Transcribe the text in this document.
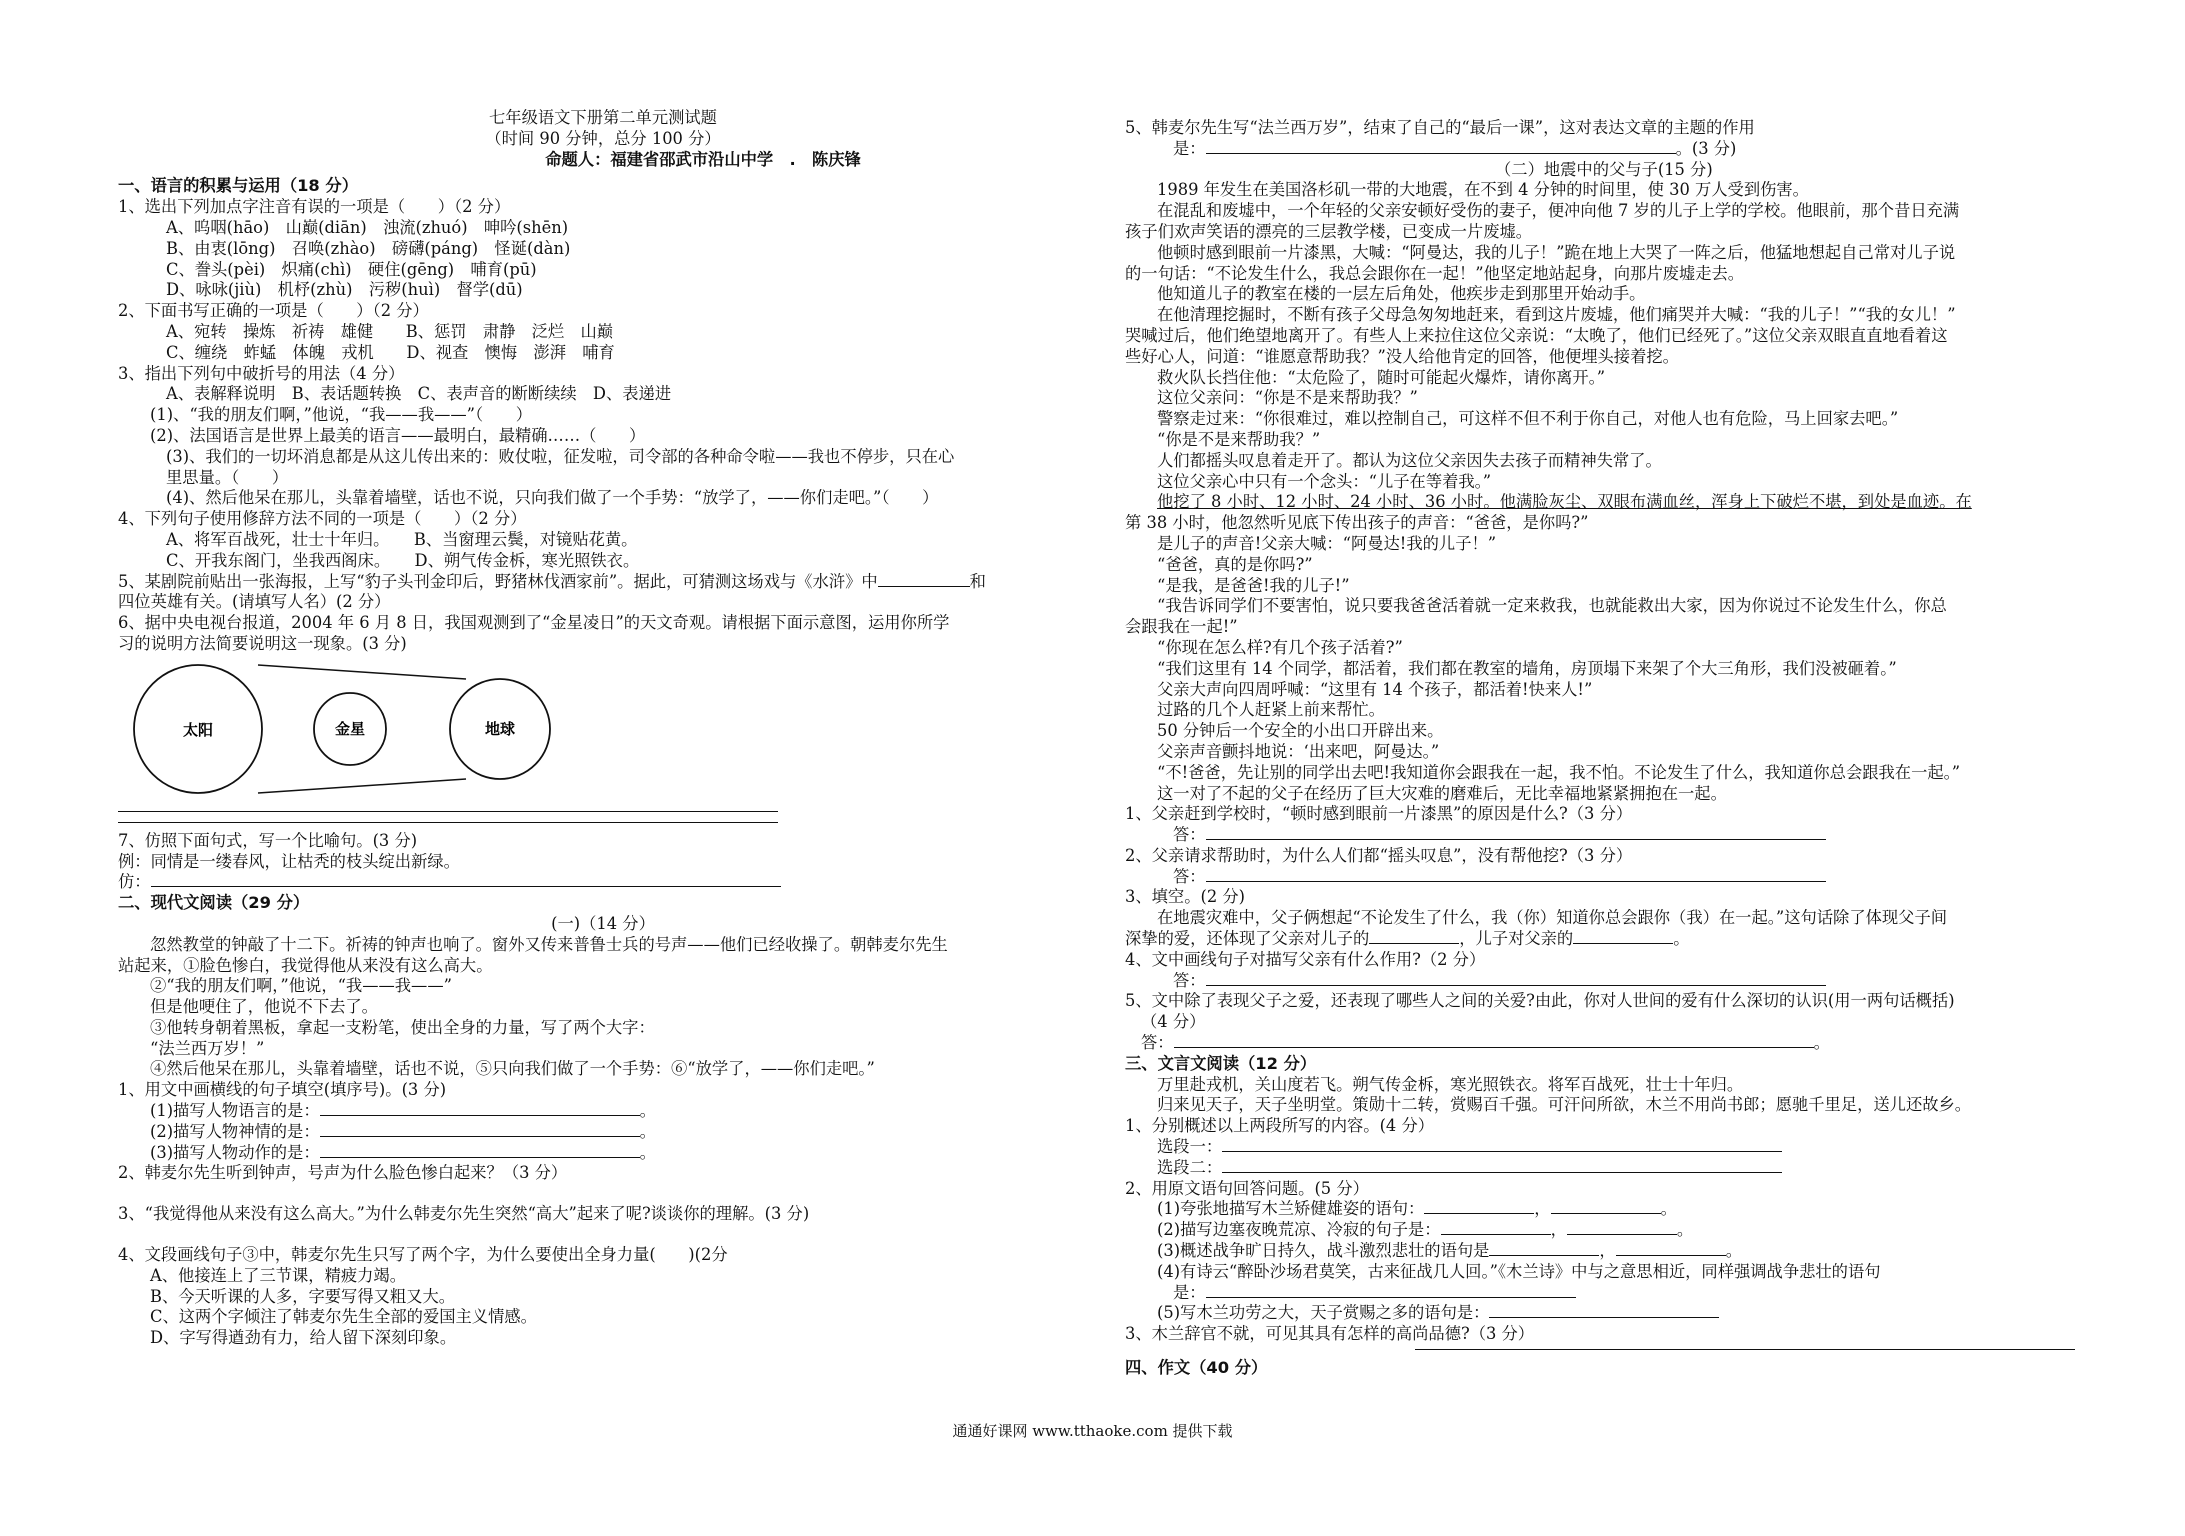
七年级语文下册第二单元测试题

（时间 90 分钟，总分 100 分）

命题人：福建省邵武市沿山中学　.　陈庆锋

一、语言的积累与运用（18 分）

1、选出下列加点字注音有误的一项是（　　）（2 分）

A、呜咽(hāo)　山巅(diān)　浊流(zhuó)　呻吟(shēn)

B、由衷(lōng)　召唤(zhào)　磅礴(páng)　怪诞(dàn)

C、誊头(pèi)　炽痛(chì)　硬住(gēng)　哺育(pū)

D、咏咏(jiù)　机杼(zhù)　污秽(huì)　督学(dū)

2、下面书写正确的一项是（　　）（2 分）

A、宛转　操炼　祈祷　雄健　　B、惩罚　肃静　泛烂　山巅

C、缠绕　蚱蜢　体魄　戎机　　D、视查　懊悔　澎湃　哺育

3、指出下列句中破折号的用法（4 分）

A、表解释说明　B、表话题转换　C、表声音的断断续续　D、表递进

(1)、“我的朋友们啊，”他说，“我——我——”（　　）

(2)、法国语言是世界上最美的语言——最明白，最精确……（　　）

(3)、我们的一切坏消息都是从这儿传出来的：败仗啦，征发啦，司令部的各种命令啦——我也不停步，只在心

里思量。（　　）

(4)、然后他呆在那儿，头靠着墙壁，话也不说，只向我们做了一个手势：“放学了，——你们走吧。”（　　）

4、下列句子使用修辞方法不同的一项是（　　）（2 分）

A、将军百战死，壮士十年归。　　B、当窗理云鬓，对镜贴花黄。

C、开我东阁门，坐我西阁床。　　D、朔气传金柝，寒光照铁衣。

5、某剧院前贴出一张海报，上写“豹子头刊金印后，野猪林伐酒家前”。据此，可猜测这场戏与《水浒》中	和

四位英雄有关。(请填写人名）(2 分）

6、据中央电视台报道，2004 年 6 月 8 日，我国观测到了“金星凌日”的天文奇观。请根据下面示意图，运用你所学

习的说明方法简要说明这一现象。(3 分)

太阳	金星	地球

7、仿照下面句式，写一个比喻句。(3 分)

例：同情是一缕春风，让枯秃的枝头绽出新绿。

仿：

二、现代文阅读（29 分）

(一)（14 分）

忽然教堂的钟敲了十二下。祈祷的钟声也响了。窗外又传来普鲁士兵的号声——他们已经收操了。朝韩麦尔先生

站起来，①脸色惨白，我觉得他从来没有这么高大。

②“我的朋友们啊，”他说，“我——我——”

但是他哽住了，他说不下去了。

③他转身朝着黑板，拿起一支粉笔，使出全身的力量，写了两个大字：

“法兰西万岁！”

④然后他呆在那儿，头靠着墙壁，话也不说，⑤只向我们做了一个手势：⑥“放学了，——你们走吧。”

1、用文中画横线的句子填空(填序号)。(3 分)

(1)描写人物语言的是：	。

(2)描写人物神情的是：	。

(3)描写人物动作的是：	。

2、韩麦尔先生听到钟声，号声为什么脸色惨白起来？（3 分）

3、“我觉得他从来没有这么高大。”为什么韩麦尔先生突然“高大”起来了呢?谈谈你的理解。(3 分)

4、文段画线句子③中，韩麦尔先生只写了两个字，为什么要使出全身力量(　　)(2分

A、他接连上了三节课，精疲力竭。

B、今天听课的人多，字要写得又粗又大。

C、这两个字倾注了韩麦尔先生全部的爱国主义情感。

D、字写得遒劲有力，给人留下深刻印象。

5、韩麦尔先生写“法兰西万岁”，结束了自己的“最后一课”，这对表达文章的主题的作用

是：	。(3 分)

（二）地震中的父与子(15 分)

1989 年发生在美国洛杉矶一带的大地震，在不到 4 分钟的时间里，使 30 万人受到伤害。

在混乱和废墟中，一个年轻的父亲安顿好受伤的妻子，便冲向他 7 岁的儿子上学的学校。他眼前，那个昔日充满

孩子们欢声笑语的漂亮的三层教学楼，已变成一片废墟。

他顿时感到眼前一片漆黑，大喊：“阿曼达，我的儿子！”跪在地上大哭了一阵之后，他猛地想起自己常对儿子说

的一句话：“不论发生什么，我总会跟你在一起！”他坚定地站起身，向那片废墟走去。

他知道儿子的教室在楼的一层左后角处，他疾步走到那里开始动手。

在他清理挖掘时，不断有孩子父母急匆匆地赶来，看到这片废墟，他们痛哭并大喊：“我的儿子！”“我的女儿！”

哭喊过后，他们绝望地离开了。有些人上来拉住这位父亲说：“太晚了，他们已经死了。”这位父亲双眼直直地看着这

些好心人，问道：“谁愿意帮助我？”没人给他肯定的回答，他便埋头接着挖。

救火队长挡住他：“太危险了，随时可能起火爆炸，请你离开。”

这位父亲问：“你是不是来帮助我？”

警察走过来：“你很难过，难以控制自己，可这样不但不利于你自己，对他人也有危险，马上回家去吧。”

“你是不是来帮助我？”

人们都摇头叹息着走开了。都认为这位父亲因失去孩子而精神失常了。

这位父亲心中只有一个念头：“儿子在等着我。”

他挖了 8 小时、12 小时、24 小时、36 小时。他满脸灰尘、双眼布满血丝，浑身上下破烂不堪，到处是血迹。在

第 38 小时，他忽然听见底下传出孩子的声音：“爸爸，是你吗?”

是儿子的声音!父亲大喊：“阿曼达!我的儿子！”

“爸爸，真的是你吗?”

“是我，是爸爸!我的儿子!”

“我告诉同学们不要害怕，说只要我爸爸活着就一定来救我，也就能救出大家，因为你说过不论发生什么，你总

会跟我在一起!”

“你现在怎么样?有几个孩子活着?”

“我们这里有 14 个同学，都活着，我们都在教室的墙角，房顶塌下来架了个大三角形，我们没被砸着。”

父亲大声向四周呼喊：“这里有 14 个孩子，都活着!快来人!”

过路的几个人赶紧上前来帮忙。

50 分钟后一个安全的小出口开辟出来。

父亲声音颤抖地说：‘出来吧，阿曼达。”

“不!爸爸，先让别的同学出去吧!我知道你会跟我在一起，我不怕。不论发生了什么，我知道你总会跟我在一起。”

这一对了不起的父子在经历了巨大灾难的磨难后，无比幸福地紧紧拥抱在一起。

1、父亲赶到学校时，“顿时感到眼前一片漆黑”的原因是什么?（3 分）

答：

2、父亲请求帮助时，为什么人们都“摇头叹息”，没有帮他挖?（3 分）

答：

3、填空。(2 分)

在地震灾难中，父子俩想起“不论发生了什么，我（你）知道你总会跟你（我）在一起。”这句话除了体现父子间

深挚的爱，还体现了父亲对儿子的	，儿子对父亲的	。

4、文中画线句子对描写父亲有什么作用?（2 分）

答：

5、文中除了表现父子之爱，还表现了哪些人之间的关爱?由此，你对人世间的爱有什么深切的认识(用一两句话概括)

（4 分）

答：	。

三、文言文阅读（12 分）

万里赴戎机，关山度若飞。朔气传金柝，寒光照铁衣。将军百战死，壮士十年归。

归来见天子，天子坐明堂。策勋十二转，赏赐百千强。可汗问所欲，木兰不用尚书郎；愿驰千里足，送儿还故乡。

1、分别概述以上两段所写的内容。(4 分）

选段一：

选段二：

2、用原文语句回答问题。(5 分）

(1)夸张地描写木兰矫健雄姿的语句：	，	。

(2)描写边塞夜晚荒凉、冷寂的句子是：	，	。

(3)概述战争旷日持久，战斗激烈悲壮的语句是	，	。

(4)有诗云“醉卧沙场君莫笑，古来征战几人回。”《木兰诗》中与之意思相近，同样强调战争悲壮的语句

是：

(5)写木兰功劳之大，天子赏赐之多的语句是：

3、木兰辞官不就，可见其具有怎样的高尚品德?（3 分）

四、作文（40 分）

通通好课网 www.tthaoke.com 提供下载
